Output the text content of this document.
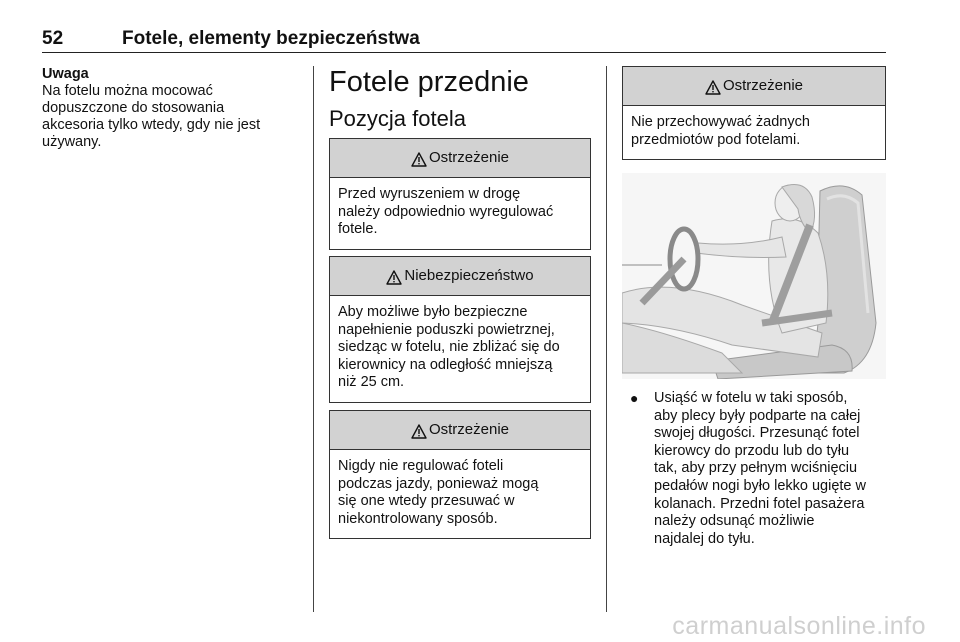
52	Fotele, elementy bezpieczeństwa
Uwaga

Na fotelu można mocować
dopuszczone do stosowania
akcesoria tylko wtedy, gdy nie jest
używany.

Fotele przednie
Pozycja fotela
Ostrzeżenie
Przed wyruszeniem w drogę
należy odpowiednio wyregulować
fotele.
Niebezpieczeństwo
Aby możliwe było bezpieczne
napełnienie poduszki powietrznej,
siedząc w fotelu, nie zbliżać się do
kierownicy na odległość mniejszą
niż 25 cm.
Ostrzeżenie
Nigdy nie regulować foteli
podczas jazdy, ponieważ mogą
się one wtedy przesuwać w
niekontrolowany sposób.
Ostrzeżenie
Nie przechowywać żadnych
przedmiotów pod fotelami.
● Usiąść w fotelu w taki sposób,
aby plecy były podparte na całej
swojej długości. Przesunąć fotel
kierowcy do przodu lub do tyłu
tak, aby przy pełnym wciśnięciu
pedałów nogi było lekko ugięte w
kolanach. Przedni fotel pasażera
należy odsunąć możliwie
najdalej do tyłu.
carmanualsonline.info
